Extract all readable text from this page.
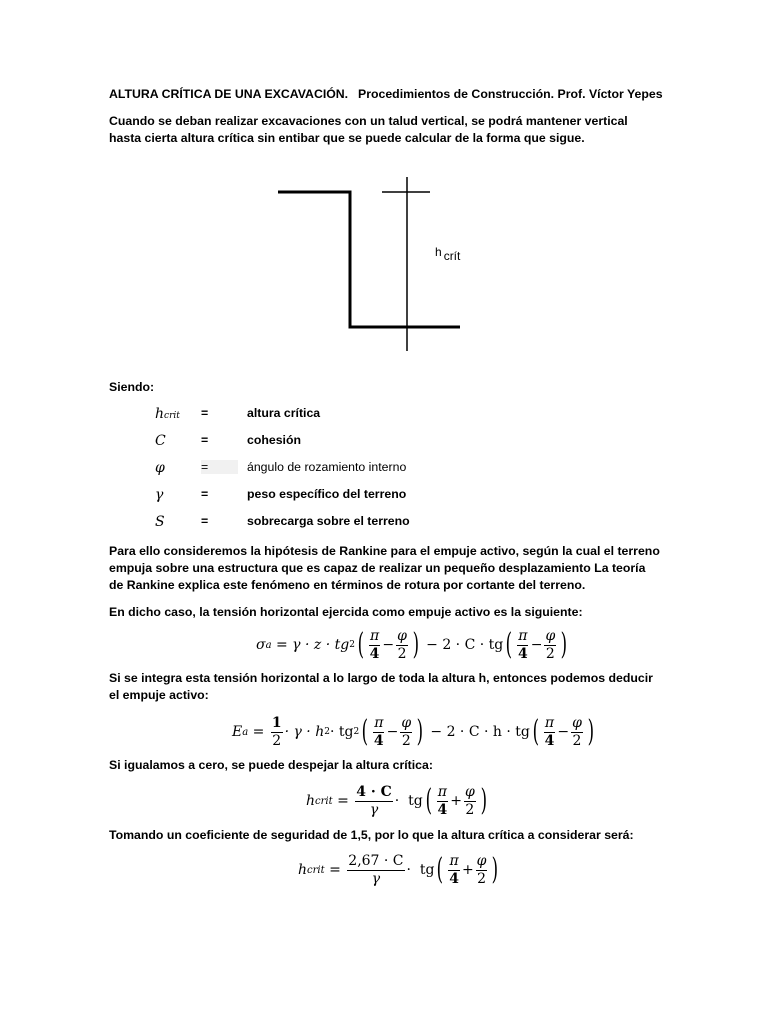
ALTURA CRÍTICA DE UNA EXCAVACIÓN. Procedimientos de Construcción. Prof. Víctor Yepes
Cuando se deban realizar excavaciones con un talud vertical, se podrá mantener vertical hasta cierta altura crítica sin entibar que se puede calcular de la forma que sigue.
h crít
Siendo:
hcrit =	altura crítica
C	=	cohesión
φ	=	ángulo de rozamiento interno
γ	=	peso específico del terreno
S	=	sobrecarga sobre el terreno
Para ello consideremos la hipótesis de Rankine para el empuje activo, según la cual el terreno empuja sobre una estructura que es capaz de realizar un pequeño desplazamiento La teoría de Rankine explica este fenómeno en términos de rotura por cortante del terreno.
En dicho caso, la tensión horizontal ejercida como empuje activo es la siguiente:
σ a = γ · z · tg 2 ( $\frac{\pi}{4} - \frac{\varphi}{2}$ )
− 2 · C · tg ( $\frac{\pi}{4} - \frac{\varphi}{2}$ )
Si se integra esta tensión horizontal a lo largo de toda la altura h, entonces podemos deducir el empuje activo:
E $a = \frac{1}{2} \cdot \gamma \cdot h$ 2 · tg 2 ( $\frac{\pi}{4} - \frac{\varphi}{2}$ )
− 2 · C · h · tg ( $\frac{\pi}{4} - \frac{\varphi}{2}$ )
Si igualamos a cero, se puede despejar la altura crítica:
h crit = $\frac{4 \cdot C}{\gamma}$ ·
tg ( $\frac{\pi}{4} + \frac{\varphi}{2}$ )
Tomando un coeficiente de seguridad de 1,5, por lo que la altura crítica a considerar será:
h crit = $\frac{2,67 \cdot C}{\gamma}$ ·
tg ( $\frac{\pi}{4} + \frac{\varphi}{2}$ )
